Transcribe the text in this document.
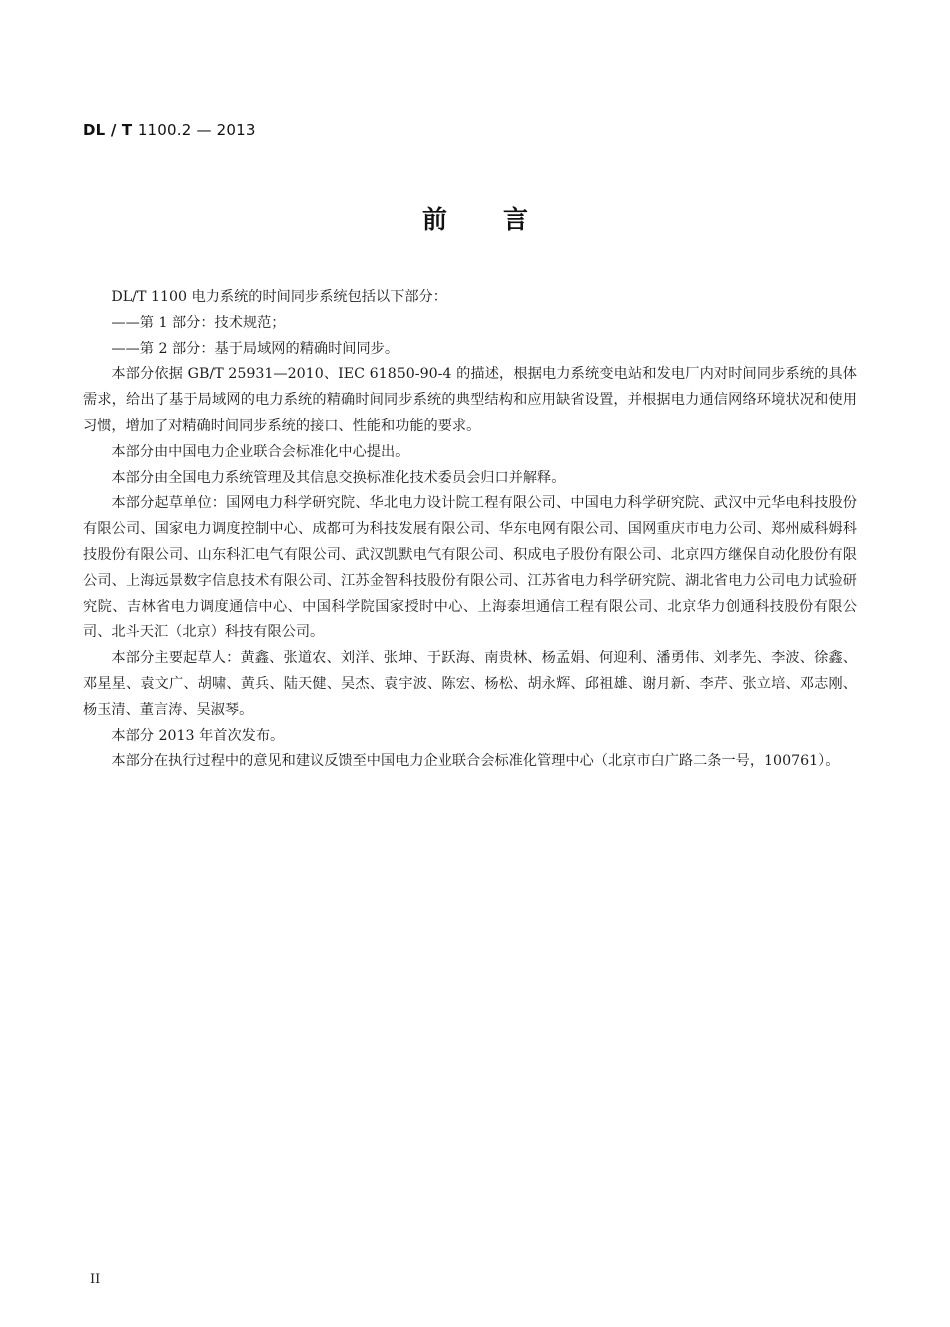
DL / T 1100.2 — 2013
前言

DL/T 1100 电力系统的时间同步系统包括以下部分：

——第 1 部分：技术规范；

——第 2 部分：基于局域网的精确时间同步。

本部分依据 GB/T 25931—2010、IEC 61850-90-4 的描述，根据电力系统变电站和发电厂内对时间同步系统的具体需求，给出了基于局域网的电力系统的精确时间同步系统的典型结构和应用缺省设置，并根据电力通信网络环境状况和使用习惯，增加了对精确时间同步系统的接口、性能和功能的要求。

本部分由中国电力企业联合会标准化中心提出。

本部分由全国电力系统管理及其信息交换标准化技术委员会归口并解释。

本部分起草单位：国网电力科学研究院、华北电力设计院工程有限公司、中国电力科学研究院、武汉中元华电科技股份有限公司、国家电力调度控制中心、成都可为科技发展有限公司、华东电网有限公司、国网重庆市电力公司、郑州威科姆科技股份有限公司、山东科汇电气有限公司、武汉凯默电气有限公司、积成电子股份有限公司、北京四方继保自动化股份有限公司、上海远景数字信息技术有限公司、江苏金智科技股份有限公司、江苏省电力科学研究院、湖北省电力公司电力试验研究院、吉林省电力调度通信中心、中国科学院国家授时中心、上海泰坦通信工程有限公司、北京华力创通科技股份有限公司、北斗天汇（北京）科技有限公司。

本部分主要起草人：黄鑫、张道农、刘洋、张坤、于跃海、南贵林、杨孟娟、何迎利、潘勇伟、刘孝先、李波、徐鑫、邓星星、袁文广、胡啸、黄兵、陆天健、吴杰、袁宇波、陈宏、杨松、胡永辉、邱祖雄、谢月新、李芹、张立培、邓志刚、杨玉清、董言涛、吴淑琴。

本部分 2013 年首次发布。

本部分在执行过程中的意见和建议反馈至中国电力企业联合会标准化管理中心（北京市白广路二条一号，100761）。

II
